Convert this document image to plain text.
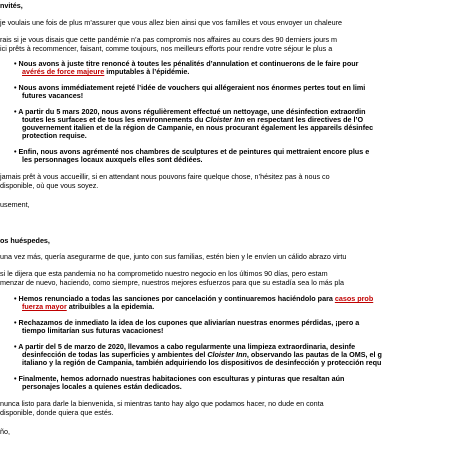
nvités,
je voulais une fois de plus m’assurer que vous allez bien ainsi que vos familles et vous envoyer un chaleure
rais si je vous disais que cette pandémie n’a pas compromis nos affaires au cours des 90 derniers jours m
ici prêts à recommencer, faisant, comme toujours, nos meilleurs efforts pour rendre votre séjour le plus a
• Nous avons à juste titre renoncé à toutes les pénalités d’annulation et continuerons de le faire pour
avérés de force majeure imputables à l’épidémie.
• Nous avons immédiatement rejeté l’idée de vouchers qui allégeraient nos énormes pertes tout en limi
futures vacances!
• A partir du 5 mars 2020, nous avons régulièrement effectué un nettoyage, une désinfection extraordin
toutes les surfaces et de tous les environnements du Cloister Inn en respectant les directives de l’O
gouvernement italien et de la région de Campanie, en nous procurant également les appareils désinfec
protection requise.
• Enfin, nous avons agrémenté nos chambres de sculptures et de peintures qui mettraient encore plus e
les personnages locaux auxquels elles sont dédiées.
jamais prêt à vous accueillir, si en attendant nous pouvons faire quelque chose, n’hésitez pas à nous co
disponible, où que vous soyez.
usement,
os huéspedes,
una vez más, quería asegurarme de que, junto con sus familias, estén bien y le envíen un cálido abrazo virtu
si le dijera que esta pandemia no ha comprometido nuestro negocio en los últimos 90 días, pero estam
menzar de nuevo, haciendo, como siempre, nuestros mejores esfuerzos para que su estadía sea lo más pla
• Hemos renunciado a todas las sanciones por cancelación y continuaremos haciéndolo para casos prob
fuerza mayor atribuibles a la epidemia.
• Rechazamos de inmediato la idea de los cupones que aliviarían nuestras enormes pérdidas, ¡pero a
tiempo limitarían sus futuras vacaciones!
• A partir del 5 de marzo de 2020, llevamos a cabo regularmente una limpieza extraordinaria, desinfe
desinfección de todas las superficies y ambientes del Cloister Inn, observando las pautas de la OMS, el g
italiano y la región de Campania, también adquiriendo los dispositivos de desinfección y protección requ
• Finalmente, hemos adornado nuestras habitaciones con esculturas y pinturas que resaltan aún
personajes locales a quienes están dedicados.
nunca listo para darle la bienvenida, si mientras tanto hay algo que podamos hacer, no dude en conta
disponible, donde quiera que estés.
ño,
